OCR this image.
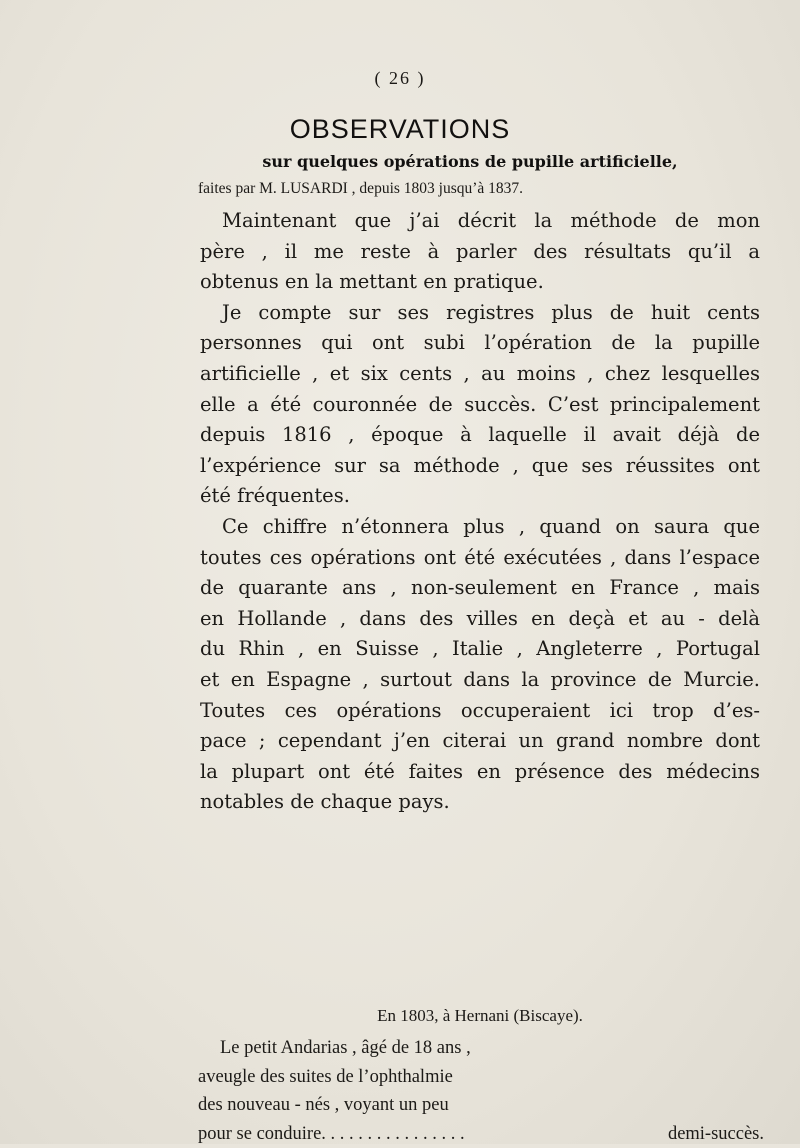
( 26 )
OBSERVATIONS
sur quelques opérations de pupille artificielle,
faites par M. LUSARDI , depuis 1803 jusqu’à 1837.
Maintenant que j’ai décrit la méthode de mon
père , il me reste à parler des résultats qu’il a
obtenus en la mettant en pratique.
Je compte sur ses registres plus de huit cents
personnes qui ont subi l’opération de la pupille
artificielle , et six cents , au moins , chez lesquelles
elle a été couronnée de succès. C’est principalement
depuis 1816 , époque à laquelle il avait déjà de
l’expérience sur sa méthode , que ses réussites ont
été fréquentes.
Ce chiffre n’étonnera plus , quand on saura que
toutes ces opérations ont été exécutées , dans l’espace
de quarante ans , non-seulement en France , mais
en Hollande , dans des villes en deçà et au - delà
du Rhin , en Suisse , Italie , Angleterre , Portugal
et en Espagne , surtout dans la province de Murcie.
Toutes ces opérations occuperaient ici trop d’es-
pace ; cependant j’en citerai un grand nombre dont
la plupart ont été faites en présence des médecins
notables de chaque pays.
En 1803, à Hernani (Biscaye).
Le petit Andarias , âgé de 18 ans ,
aveugle des suites de l’ophthalmie
des nouveau - nés , voyant un peu
pour se conduire. . . . . . . . . . . . . . . .	demi-succès.
